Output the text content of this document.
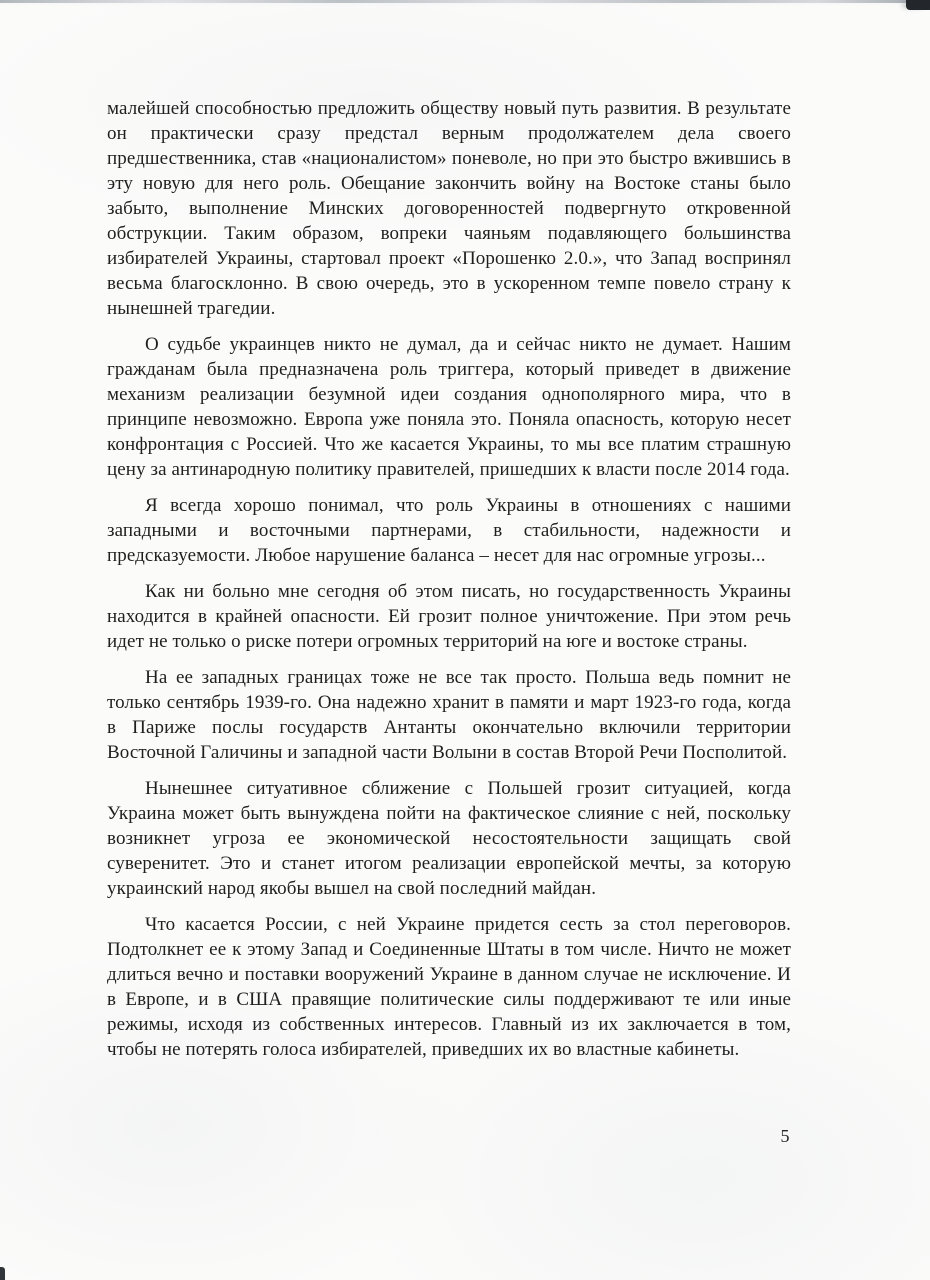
малейшей способностью предложить обществу новый путь развития. В результате он практически сразу предстал верным продолжателем дела своего предшественника, став «националистом» поневоле, но при это быстро вжившись в эту новую для него роль. Обещание закончить войну на Востоке станы было забыто, выполнение Минских договоренностей подвергнуто откровенной обструкции. Таким образом, вопреки чаяньям подавляющего большинства избирателей Украины, стартовал проект «Порошенко 2.0.», что Запад воспринял весьма благосклонно. В свою очередь, это в ускоренном темпе повело страну к нынешней трагедии.

О судьбе украинцев никто не думал, да и сейчас никто не думает. Нашим гражданам была предназначена роль триггера, который приведет в движение механизм реализации безумной идеи создания однополярного мира, что в принципе невозможно. Европа уже поняла это. Поняла опасность, которую несет конфронтация с Россией. Что же касается Украины, то мы все платим страшную цену за антинародную политику правителей, пришедших к власти после 2014 года.

Я всегда хорошо понимал, что роль Украины в отношениях с нашими западными и восточными партнерами, в стабильности, надежности и предсказуемости. Любое нарушение баланса – несет для нас огромные угрозы...

Как ни больно мне сегодня об этом писать, но государственность Украины находится в крайней опасности. Ей грозит полное уничтожение. При этом речь идет не только о риске потери огромных территорий на юге и востоке страны.

На ее западных границах тоже не все так просто. Польша ведь помнит не только сентябрь 1939-го. Она надежно хранит в памяти и март 1923-го года, когда в Париже послы государств Антанты окончательно включили территории Восточной Галичины и западной части Волыни в состав Второй Речи Посполитой.

Нынешнее ситуативное сближение с Польшей грозит ситуацией, когда Украина может быть вынуждена пойти на фактическое слияние с ней, поскольку возникнет угроза ее экономической несостоятельности защищать свой суверенитет. Это и станет итогом реализации европейской мечты, за которую украинский народ якобы вышел на свой последний майдан.

Что касается России, с ней Украине придется сесть за стол переговоров. Подтолкнет ее к этому Запад и Соединенные Штаты в том числе. Ничто не может длиться вечно и поставки вооружений Украине в данном случае не исключение. И в Европе, и в США правящие политические силы поддерживают те или иные режимы, исходя из собственных интересов. Главный из их заключается в том, чтобы не потерять голоса избирателей, приведших их во властные кабинеты.

5
